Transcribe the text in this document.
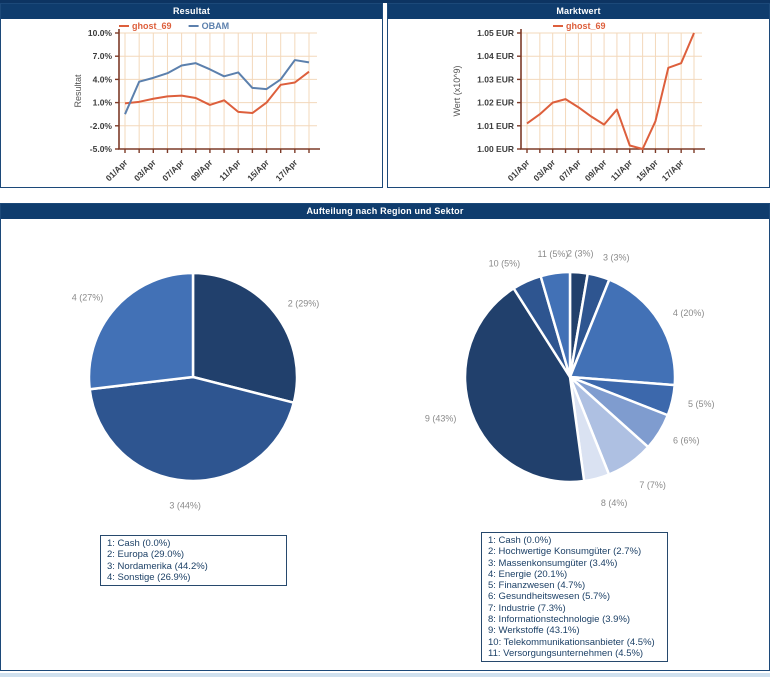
Resultat
10.0%
7.0%
4.0%
1.0%
-2.0%
-5.0%
01/Apr 03/Apr 07/Apr 09/Apr 11/Apr 15/Apr 17/Apr
ghost_69	OBAM
Resultat
Marktwert
1.05 EUR
1.04 EUR
1.03 EUR
1.02 EUR
1.01 EUR
1.00 EUR
01/Apr 03/Apr 07/Apr 09/Apr 11/Apr 15/Apr 17/Apr
ghost_69
Wert (x10^9)
Aufteilung nach Region und Sektor
2 (29%)
3 (44%)
4 (27%)
2 (3%) 3 (3%)
4 (20%)
5 (5%)
6 (6%)
7 (7%)
8 (4%)
9 (43%)
10 (5%)
11 (5%)
1: Cash (0.0%)
2: Europa (29.0%)
3: Nordamerika (44.2%)
4: Sonstige (26.9%)
1: Cash (0.0%)
2: Hochwertige Konsumgüter (2.7%)
3: Massenkonsumgüter (3.4%)
4: Energie (20.1%)
5: Finanzwesen (4.7%)
6: Gesundheitswesen (5.7%)
7: Industrie (7.3%)
8: Informationstechnologie (3.9%)
9: Werkstoffe (43.1%)
10: Telekommunikationsanbieter (4.5%)
11: Versorgungsunternehmen (4.5%)
